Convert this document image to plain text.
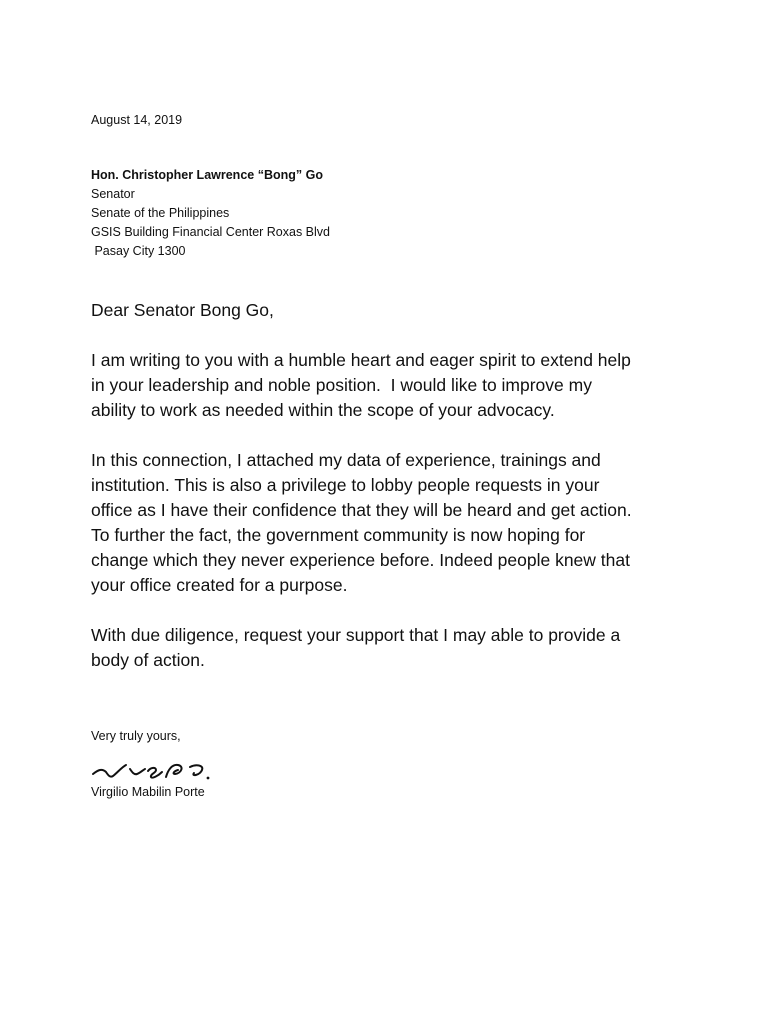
August 14, 2019
Hon. Christopher Lawrence “Bong” Go
Senator
Senate of the Philippines
GSIS Building Financial Center Roxas Blvd
Pasay City 1300

Dear Senator Bong Go,

I am writing to you with a humble heart and eager spirit to extend help
in your leadership and noble position.  I would like to improve my
ability to work as needed within the scope of your advocacy.

In this connection, I attached my data of experience, trainings and
institution. This is also a privilege to lobby people requests in your
office as I have their confidence that they will be heard and get action.
To further the fact, the government community is now hoping for
change which they never experience before. Indeed people knew that
your office created for a purpose.

With due diligence, request your support that I may able to provide a
body of action.

Very truly yours,
Virgilio Mabilin Porte
